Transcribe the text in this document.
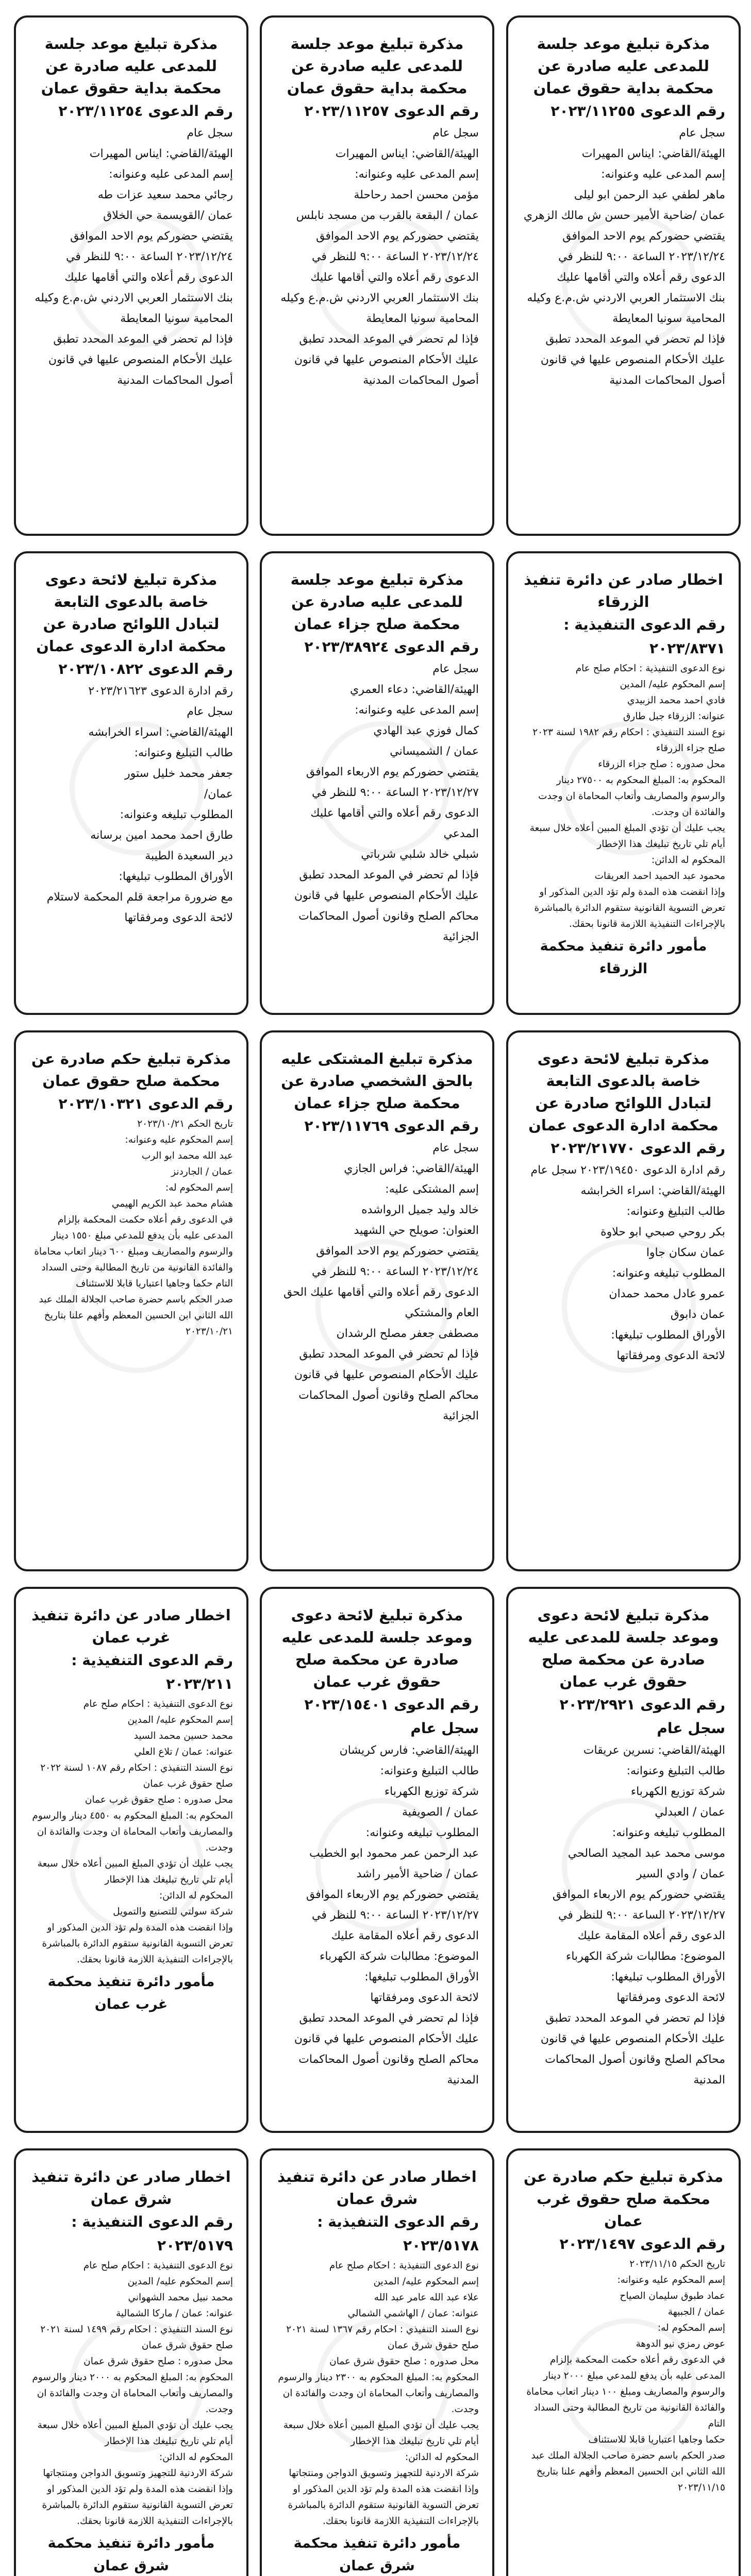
مذكرة تبليغ موعد جلسة للمدعى عليه صادرة عن محكمة بداية حقوق عمان
رقم الدعوى ٢٠٢٣/١١٢٥٥
سجل عام
الهيئة/القاضي: ايناس المهيرات
إسم المدعى عليه وعنوانه:
ماهر لطفي عبد الرحمن ابو ليلى
عمان /ضاحية الأمير حسن ش مالك الزهري
يقتضي حضوركم يوم الاحد الموافق ٢٠٢٣/١٢/٢٤ الساعة ٩:٠٠ للنظر في الدعوى رقم أعلاه والتي أقامها عليك
بنك الاستثمار العربي الاردني ش.م.ع وكيله المحامية سونيا المعايطة
فإذا لم تحضر في الموعد المحدد تطبق عليك الأحكام المنصوص عليها في قانون أصول المحاكمات المدنية
مذكرة تبليغ موعد جلسة للمدعى عليه صادرة عن محكمة بداية حقوق عمان
رقم الدعوى ٢٠٢٣/١١٢٥٧
سجل عام
الهيئة/القاضي: ايناس المهيرات
إسم المدعى عليه وعنوانه:
مؤمن محسن احمد رحاحلة
عمان / البقعة بالقرب من مسجد نابلس
يقتضي حضوركم يوم الاحد الموافق ٢٠٢٣/١٢/٢٤ الساعة ٩:٠٠ للنظر في الدعوى رقم أعلاه والتي أقامها عليك
بنك الاستثمار العربي الاردني ش.م.ع وكيله المحامية سونيا المعايطة
فإذا لم تحضر في الموعد المحدد تطبق عليك الأحكام المنصوص عليها في قانون أصول المحاكمات المدنية
مذكرة تبليغ موعد جلسة للمدعى عليه صادرة عن محكمة بداية حقوق عمان
رقم الدعوى ٢٠٢٣/١١٢٥٤
سجل عام
الهيئة/القاضي: ايناس المهيرات
إسم المدعى عليه وعنوانه:
رجائي محمد سعيد عزات طه
عمان /القويسمة حي الخلاق
يقتضي حضوركم يوم الاحد الموافق ٢٠٢٣/١٢/٢٤ الساعة ٩:٠٠ للنظر في الدعوى رقم أعلاه والتي أقامها عليك
بنك الاستثمار العربي الاردني ش.م.ع وكيله المحامية سونيا المعايطة
فإذا لم تحضر في الموعد المحدد تطبق عليك الأحكام المنصوص عليها في قانون أصول المحاكمات المدنية
اخطار صادر عن دائرة تنفيذ الزرقاء
رقم الدعوى التنفيذية : ٢٠٢٣/٨٣٧١
نوع الدعوى التنفيذية : احكام صلح عام
إسم المحكوم عليه/ المدين
فادي احمد محمد الزبيدي
عنوانه: الزرقاء جبل طارق
نوع السند التنفيذي : احكام رقم ١٩٨٢ لسنة ٢٠٢٣ صلح جزاء الزرقاء
محل صدوره : صلح جزاء الزرقاء
المحكوم به: المبلغ المحكوم به ٢٧٥٠٠ دينار والرسوم والمصاريف وأتعاب المحاماة ان وجدت والفائدة ان وجدت.
يجب عليك أن تؤدي المبلغ المبين أعلاه خلال سبعة أيام تلي تاريخ تبليغك هذا الإخطار
المحكوم له الدائن:
محمود عبد الحميد احمد العريقات
وإذا انقضت هذه المدة ولم تؤد الدين المذكور او تعرض التسوية القانونية ستقوم الدائرة بالمباشرة بالإجراءات التنفيذية اللازمة قانونا بحقك.
مأمور دائرة تنفيذ محكمة الزرقاء
مذكرة تبليغ موعد جلسة للمدعى عليه صادرة عن محكمة صلح جزاء عمان
رقم الدعوى ٢٠٢٣/٣٨٩٢٤
سجل عام
الهيئة/القاضي: دعاء العمري
إسم المدعى عليه وعنوانه:
كمال فوزي عبد الهادي
عمان / الشميساني
يقتضي حضوركم يوم الاربعاء الموافق ٢٠٢٣/١٢/٢٧ الساعة ٩:٠٠ للنظر في الدعوى رقم أعلاه والتي أقامها عليك المدعي
شبلي خالد شلبي شرباتي
فإذا لم تحضر في الموعد المحدد تطبق عليك الأحكام المنصوص عليها في قانون محاكم الصلح وقانون أصول المحاكمات الجزائية
مذكرة تبليغ لائحة دعوى خاصة بالدعوى التابعة لتبادل اللوائح صادرة عن محكمة ادارة الدعوى عمان
رقم الدعوى ٢٠٢٣/١٠٨٢٢
رقم ادارة الدعوى ٢٠٢٣/٢١٦٢٣
سجل عام
الهيئة/القاضي: اسراء الخرابشه
طالب التبليغ وعنوانه:
جعفر محمد خليل ستور
عمان/
المطلوب تبليغه وعنوانه:
طارق احمد محمد امين برسانه
دير السعيدة الطيبة
الأوراق المطلوب تبليغها:
مع ضرورة مراجعة قلم المحكمة لاستلام لائحة الدعوى ومرفقاتها
مذكرة تبليغ لائحة دعوى خاصة بالدعوى التابعة لتبادل اللوائح صادرة عن محكمة ادارة الدعوى عمان
رقم الدعوى ٢٠٢٣/٢١٧٧٠
رقم ادارة الدعوى ٢٠٢٣/١٩٤٥٠ سجل عام
الهيئة/القاضي: اسراء الخرابشه
طالب التبليغ وعنوانه:
بكر روحي صبحي ابو حلاوة
عمان سكان جاوا
المطلوب تبليغه وعنوانه:
عمرو عادل محمد حمدان
عمان دابوق
الأوراق المطلوب تبليغها:
لائحة الدعوى ومرفقاتها
مذكرة تبليغ المشتكى عليه بالحق الشخصي صادرة عن محكمة صلح جزاء عمان
رقم الدعوى ٢٠٢٣/١١٧٦٩
سجل عام
الهيئة/القاضي: فراس الجازي
إسم المشتكى عليه:
خالد وليد جميل الرواشده
العنوان: صويلح حي الشهيد
يقتضي حضوركم يوم الاحد الموافق ٢٠٢٣/١٢/٢٤ الساعة ٩:٠٠ للنظر في الدعوى رقم أعلاه والتي أقامها عليك الحق العام والمشتكي
مصطفى جعفر مصلح الرشدان
فإذا لم تحضر في الموعد المحدد تطبق عليك الأحكام المنصوص عليها في قانون محاكم الصلح وقانون أصول المحاكمات الجزائية
مذكرة تبليغ حكم صادرة عن محكمة صلح حقوق عمان
رقم الدعوى ٢٠٢٣/١٠٣٢١
تاريخ الحكم ٢٠٢٣/١٠/٢١
إسم المحكوم عليه وعنوانه:
عبد الله محمد ابو الرب
عمان / الجاردنز
إسم المحكوم له:
هشام محمد عبد الكريم الهيمي
في الدعوى رقم أعلاه حكمت المحكمة بإلزام المدعى عليه بأن يدفع للمدعي مبلغ ١٥٥٠ دينار والرسوم والمصاريف ومبلغ ٦٠٠ دينار اتعاب محاماة والفائدة القانونية من تاريخ المطالبة وحتى السداد التام حكما وجاهيا اعتباريا قابلا للاستئناف
صدر الحكم باسم حضرة صاحب الجلالة الملك عبد الله الثاني ابن الحسين المعظم وأفهم علنا بتاريخ ٢٠٢٣/١٠/٢١
مذكرة تبليغ لائحة دعوى وموعد جلسة للمدعى عليه صادرة عن محكمة صلح حقوق غرب عمان
رقم الدعوى ٢٠٢٣/٢٩٢١ سجل عام
الهيئة/القاضي: نسرين عريقات
طالب التبليغ وعنوانه:
شركة توزيع الكهرباء
عمان / العبدلي
المطلوب تبليغه وعنوانه:
موسى محمد عبد المجيد الصالحي
عمان / وادي السير
يقتضي حضوركم يوم الاربعاء الموافق ٢٠٢٣/١٢/٢٧ الساعة ٩:٠٠ للنظر في الدعوى رقم أعلاه المقامة عليك
الموضوع: مطالبات شركة الكهرباء
الأوراق المطلوب تبليغها:
لائحة الدعوى ومرفقاتها
فإذا لم تحضر في الموعد المحدد تطبق عليك الأحكام المنصوص عليها في قانون محاكم الصلح وقانون أصول المحاكمات المدنية
مذكرة تبليغ لائحة دعوى وموعد جلسة للمدعى عليه صادرة عن محكمة صلح حقوق غرب عمان
رقم الدعوى ٢٠٢٣/١٥٤٠١ سجل عام
الهيئة/القاضي: فارس كريشان
طالب التبليغ وعنوانه:
شركة توزيع الكهرباء
عمان / الصويفية
المطلوب تبليغه وعنوانه:
عبد الرحمن عمر محمود ابو الخطيب
عمان / ضاحية الأمير راشد
يقتضي حضوركم يوم الاربعاء الموافق ٢٠٢٣/١٢/٢٧ الساعة ٩:٠٠ للنظر في الدعوى رقم أعلاه المقامة عليك
الموضوع: مطالبات شركة الكهرباء
الأوراق المطلوب تبليغها:
لائحة الدعوى ومرفقاتها
فإذا لم تحضر في الموعد المحدد تطبق عليك الأحكام المنصوص عليها في قانون محاكم الصلح وقانون أصول المحاكمات المدنية
اخطار صادر عن دائرة تنفيذ غرب عمان
رقم الدعوى التنفيذية : ٢٠٢٣/٢١١
نوع الدعوى التنفيذية : احكام صلح عام
إسم المحكوم عليه/ المدين
محمد حسين محمد السيد
عنوانه: عمان / تلاع العلي
نوع السند التنفيذي : احكام رقم ١٠٨٧ لسنة ٢٠٢٢ صلح حقوق غرب عمان
محل صدوره : صلح حقوق غرب عمان
المحكوم به: المبلغ المحكوم به ٤٥٥٠ دينار والرسوم والمصاريف وأتعاب المحاماة ان وجدت والفائدة ان وجدت.
يجب عليك أن تؤدي المبلغ المبين أعلاه خلال سبعة أيام تلي تاريخ تبليغك هذا الإخطار
المحكوم له الدائن:
شركة سولتي للتصنيع والتمويل
وإذا انقضت هذه المدة ولم تؤد الدين المذكور او تعرض التسوية القانونية ستقوم الدائرة بالمباشرة بالإجراءات التنفيذية اللازمة قانونا بحقك.
مأمور دائرة تنفيذ محكمة غرب عمان
مذكرة تبليغ حكم صادرة عن محكمة صلح حقوق غرب عمان
رقم الدعوى ٢٠٢٣/١٤٩٧
تاريخ الحكم ٢٠٢٣/١١/١٥
إسم المحكوم عليه وعنوانه:
عماد طبوق سليمان الصياح
عمان / الجبيهة
إسم المحكوم له:
عوض رمزي نيو الدوهة
في الدعوى رقم أعلاه حكمت المحكمة بإلزام المدعى عليه بأن يدفع للمدعي مبلغ ٢٠٠٠ دينار والرسوم والمصاريف ومبلغ ١٠٠ دينار اتعاب محاماة والفائدة القانونية من تاريخ المطالبة وحتى السداد التام
حكما وجاهيا اعتباريا قابلا للاستئناف
صدر الحكم باسم حضرة صاحب الجلالة الملك عبد الله الثاني ابن الحسين المعظم وأفهم علنا بتاريخ ٢٠٢٣/١١/١٥
اخطار صادر عن دائرة تنفيذ شرق عمان
رقم الدعوى التنفيذية : ٢٠٢٣/٥١٧٨
نوع الدعوى التنفيذية : احكام صلح عام
إسم المحكوم عليه/ المدين
علاء عبد الله عامر عبد الله
عنوانه: عمان / الهاشمي الشمالي
نوع السند التنفيذي : احكام رقم ١٣٦٧ لسنة ٢٠٢١ صلح حقوق شرق عمان
محل صدوره : صلح حقوق شرق عمان
المحكوم به: المبلغ المحكوم به ٢٣٠٠ دينار والرسوم والمصاريف وأتعاب المحاماة ان وجدت والفائدة ان وجدت.
يجب عليك أن تؤدي المبلغ المبين أعلاه خلال سبعة أيام تلي تاريخ تبليغك هذا الإخطار
المحكوم له الدائن:
شركة الاردنية للتجهيز وتسويق الدواجن ومنتجاتها
وإذا انقضت هذه المدة ولم تؤد الدين المذكور او تعرض التسوية القانونية ستقوم الدائرة بالمباشرة بالإجراءات التنفيذية اللازمة قانونا بحقك.
مأمور دائرة تنفيذ محكمة شرق عمان
اخطار صادر عن دائرة تنفيذ شرق عمان
رقم الدعوى التنفيذية : ٢٠٢٣/٥١٧٩
نوع الدعوى التنفيذية : احكام صلح عام
إسم المحكوم عليه/ المدين
محمد نبيل محمد الشهواني
عنوانه: عمان / ماركا الشمالية
نوع السند التنفيذي : احكام رقم ١٤٩٩ لسنة ٢٠٢١ صلح حقوق شرق عمان
محل صدوره : صلح حقوق شرق عمان
المحكوم به: المبلغ المحكوم به ٢٠٠٠ دينار والرسوم والمصاريف وأتعاب المحاماة ان وجدت والفائدة ان وجدت.
يجب عليك أن تؤدي المبلغ المبين أعلاه خلال سبعة أيام تلي تاريخ تبليغك هذا الإخطار
المحكوم له الدائن:
شركة الاردنية للتجهيز وتسويق الدواجن ومنتجاتها
وإذا انقضت هذه المدة ولم تؤد الدين المذكور او تعرض التسوية القانونية ستقوم الدائرة بالمباشرة بالإجراءات التنفيذية اللازمة قانونا بحقك.
مأمور دائرة تنفيذ محكمة شرق عمان
